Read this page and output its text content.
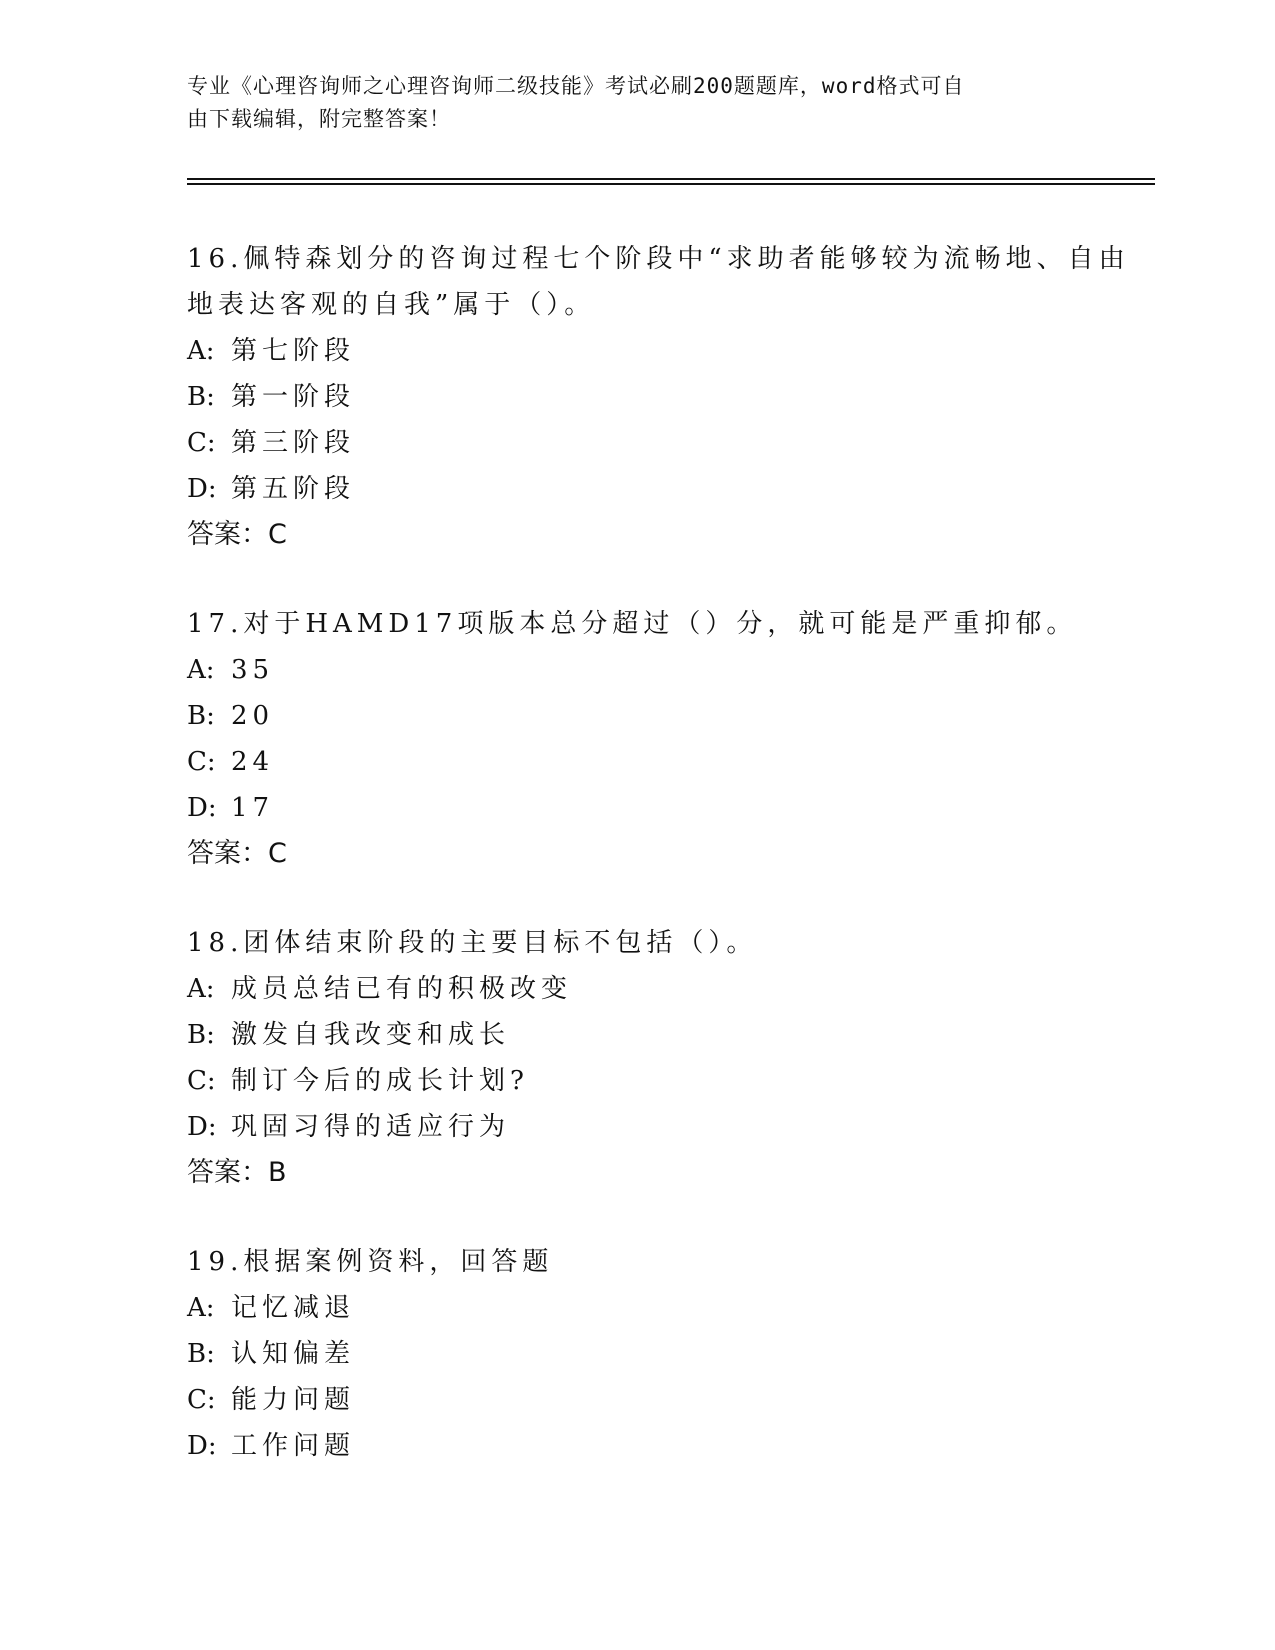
专业《心理咨询师之心理咨询师二级技能》考试必刷200题题库，word格式可自
由下载编辑，附完整答案！
16.佩特森划分的咨询过程七个阶段中“求助者能够较为流畅地、自由
地表达客观的自我”属于（）。
A: 第七阶段
B: 第一阶段
C: 第三阶段
D: 第五阶段
答案：C
17.对于HAMD17项版本总分超过（）分，就可能是严重抑郁。
A: 35
B: 20
C: 24
D: 17
答案：C
18.团体结束阶段的主要目标不包括（）。
A: 成员总结已有的积极改变
B: 激发自我改变和成长
C: 制订今后的成长计划?
D: 巩固习得的适应行为
答案：B
19.根据案例资料，回答题
A: 记忆减退
B: 认知偏差
C: 能力问题
D: 工作问题
